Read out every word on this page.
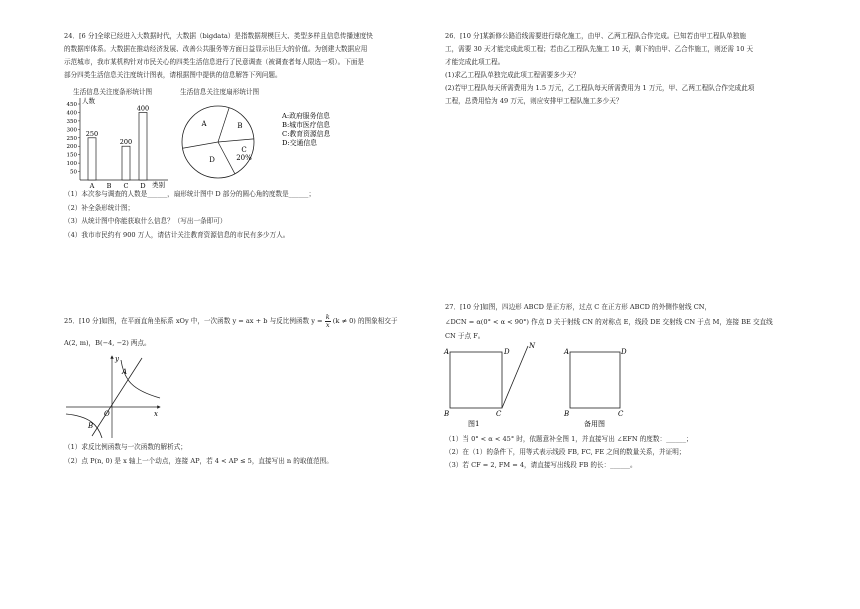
24．[6 分]全球已经进入大数据时代，大数据（bigdata）是指数据规模巨大、类型多样且信息传播速度快

的数据库体系。大数据在推动经济发展、改善公共服务等方面日益显示出巨大的价值。为创建大数据应用

示范城市，我市某机构针对市民关心的四类生活信息进行了民意调查（被调查者每人限选一项）。下面是

部分四类生活信息关注度统计图表，请根据图中提供的信息解答下列问题。

生活信息关注度条形统计图	生活信息关注度扇形统计图
人数
类别
50
100
150
200
250
300
350
400
450
A B C D
250
200
400
A	B
C
D	20%
A:政府服务信息
B:城市医疗信息
C:教育资源信息
D:交通信息

（1）本次参与调查的人数是______，扇形统计图中 D 部分的圆心角的度数是______；

（2）补全条形统计图；

（3）从统计图中你能获取什么信息？（写出一条即可）

（4）我市市民约有 900 万人，请估计关注教育资源信息的市民有多少万人。

25．[10 分]如图，在平面直角坐标系 xOy 中，一次函数 y = ax + b 与反比例函数 $y = \frac{k}{x} (k \ne 0)$ 的图象相交于

A(2, m)，B(−4, −2) 两点。

y
x
O
A
B

（1）求反比例函数与一次函数的解析式；

（2）点 P(n, 0) 是 x 轴上一个动点，连接 AP，若 4 < AP ≤ 5，直接写出 n 的取值范围。

26．[10 分]某新修公路沿线需要进行绿化施工，由甲、乙两工程队合作完成。已知若由甲工程队单独施

工，需要 30 天才能完成此项工程；若由乙工程队先施工 10 天，剩下的由甲、乙合作施工，则还需 10 天

才能完成此项工程。

(1)求乙工程队单独完成此项工程需要多少天？

(2)若甲工程队每天所需费用为 1.5 万元，乙工程队每天所需费用为 1 万元，甲、乙两工程队合作完成此项

工程，总费用恰为 49 万元，则应安排甲工程队施工多少天？

27．[10 分]如图，四边形 ABCD 是正方形，过点 C 在正方形 ABCD 的外侧作射线 CN，

∠DCN = α(0° < α < 90°) 作点 D 关于射线 CN 的对称点 E，线段 DE 交射线 CN 于点 M，连接 BE 交直线

CN 于点 F。

A
B	C
D
N
图1
A
B	C
D
备用图

（1）当 0° < α < 45° 时，依题意补全图 1，并直接写出 ∠EFN 的度数：______；

（2）在（1）的条件下，用等式表示线段 FB, FC, FE 之间的数量关系，并证明；

（3）若 CF = 2, FM = 4，请直接写出线段 FB 的长：______。
